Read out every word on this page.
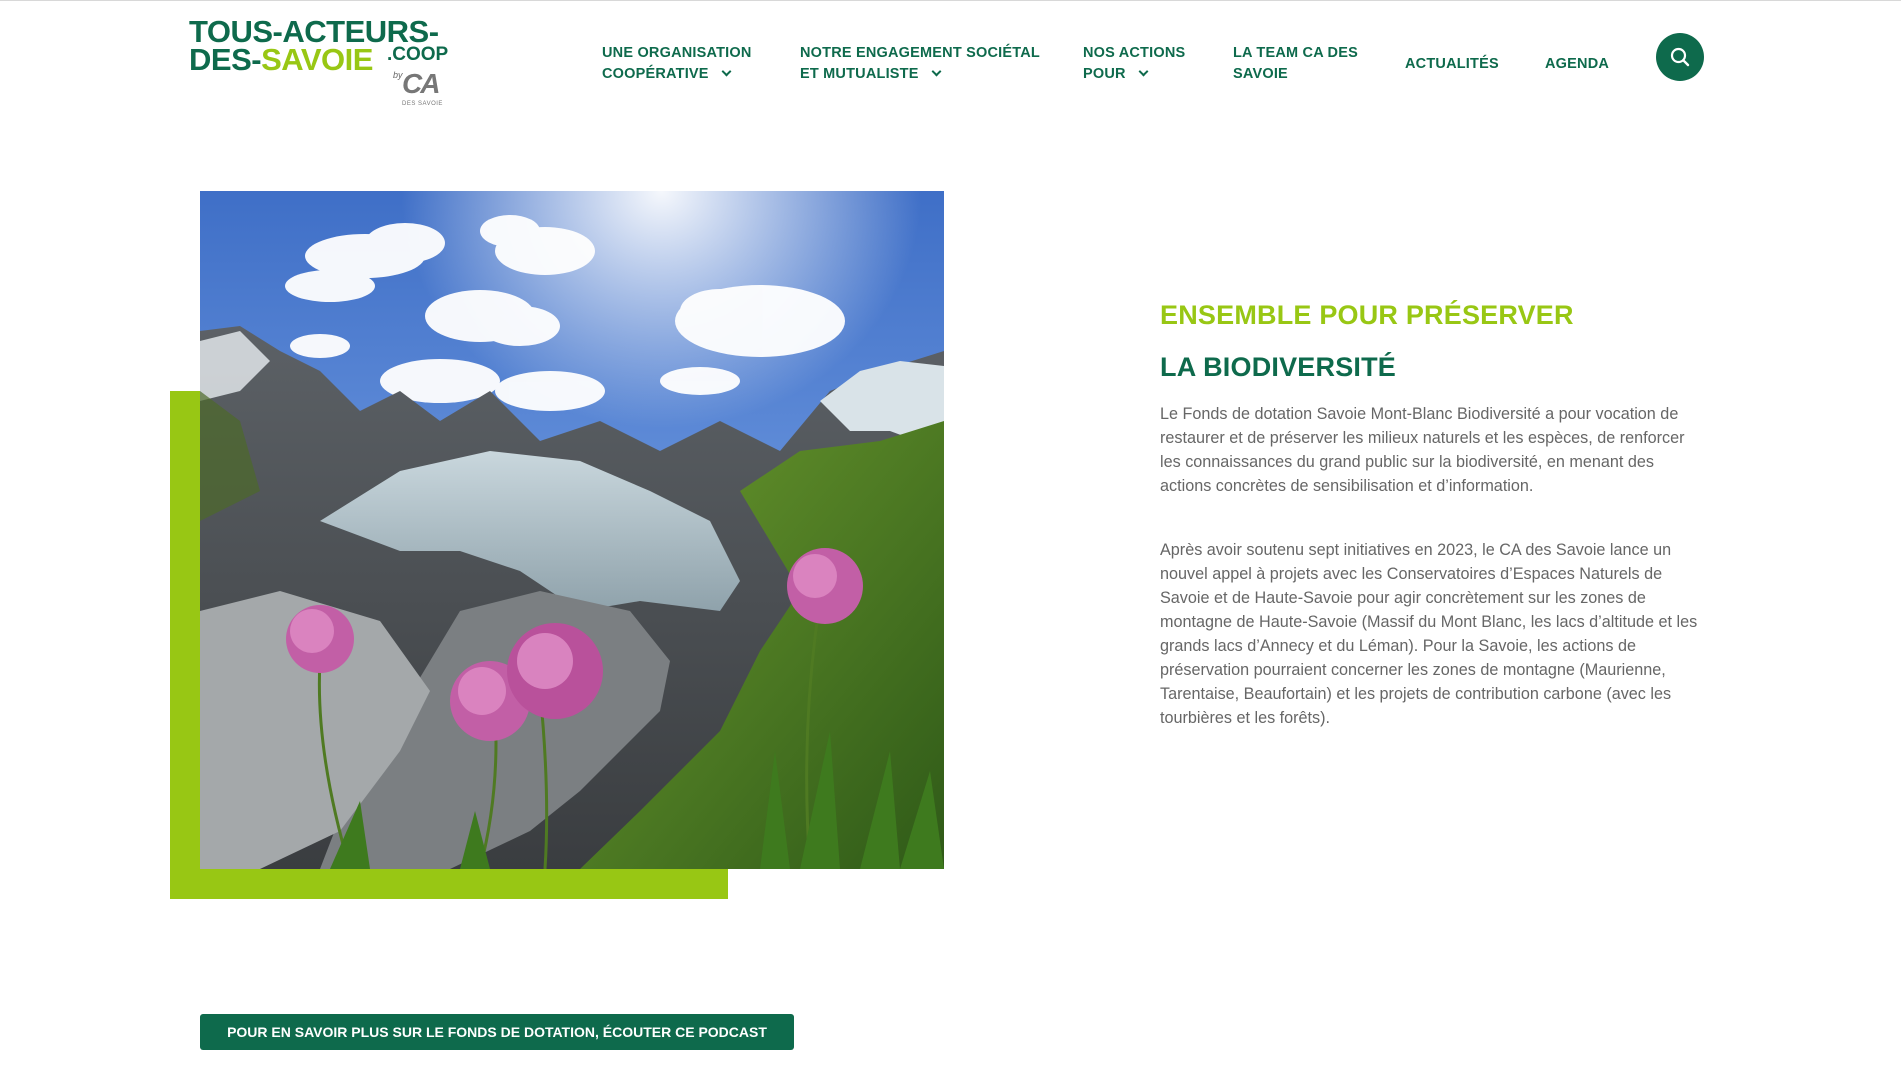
TOUS-ACTEURS-
DES-SAVOIE .COOP
by CA
DES SAVOIE
UNE ORGANISATION
COOPÉRATIVE
NOTRE ENGAGEMENT SOCIÉTAL
ET MUTUALISTE
NOS ACTIONS
POUR
LA TEAM CA DES
SAVOIE
ACTUALITÉS	AGENDA
ENSEMBLE POUR PRÉSERVER
LA BIODIVERSITÉ

Le Fonds de dotation Savoie Mont-Blanc Biodiversité a pour vocation de restaurer et de préserver les milieux naturels et les espèces, de renforcer les connaissances du grand public sur la biodiversité, en menant des actions concrètes de sensibilisation et d’information.

Après avoir soutenu sept initiatives en 2023, le CA des Savoie lance un nouvel appel à projets avec les Conservatoires d’Espaces Naturels de Savoie et de Haute-Savoie pour agir concrètement sur les zones de montagne de Haute-Savoie (Massif du Mont Blanc, les lacs d’altitude et les grands lacs d’Annecy et du Léman). Pour la Savoie, les actions de préservation pourraient concerner les zones de montagne (Maurienne, Tarentaise, Beaufortain) et les projets de contribution carbone (avec les tourbières et les forêts).

POUR EN SAVOIR PLUS SUR LE FONDS DE DOTATION, ÉCOUTER CE PODCAST
